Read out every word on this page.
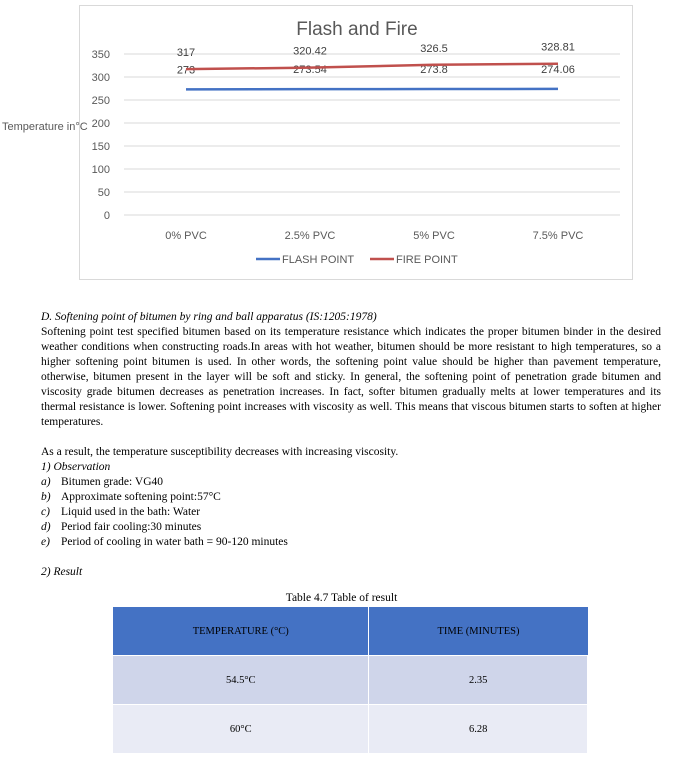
Flash and Fire
350
300
250
200
150
100
50
0
0% PVC	2.5% PVC	5% PVC	7.5% PVC
273	273.54	273.8	274.06
317	320.42	326.5	328.81
FLASH POINT	FIRE POINT

D. Softening point of bitumen by ring and ball apparatus (IS:1205:1978)

Softening point test specified bitumen based on its temperature resistance which indicates the proper bitumen binder in the desired weather conditions when constructing roads.In areas with hot weather, bitumen should be more resistant to high temperatures, so a higher softening point bitumen is used. In other words, the softening point value should be higher than pavement temperature, otherwise, bitumen present in the layer will be soft and sticky. In general, the softening point of penetration grade bitumen and viscosity grade bitumen decreases as penetration increases. In fact, softer bitumen gradually melts at lower temperatures and its thermal resistance is lower. Softening point increases with viscosity as well. This means that viscous bitumen starts to soften at higher temperatures.

As a result, the temperature susceptibility decreases with increasing viscosity.

1) Observation

a) Bitumen grade: VG40
b) Approximate softening point:57°C
c) Liquid used in the bath: Water
d) Period fair cooling:30 minutes
e) Period of cooling in water bath = 90-120 minutes

2) Result

Table 4.7 Table of result
TEMPERATURE (°C)	TIME (MINUTES)
54.5°C	2.35
60°C	6.28
Temperature in°C
